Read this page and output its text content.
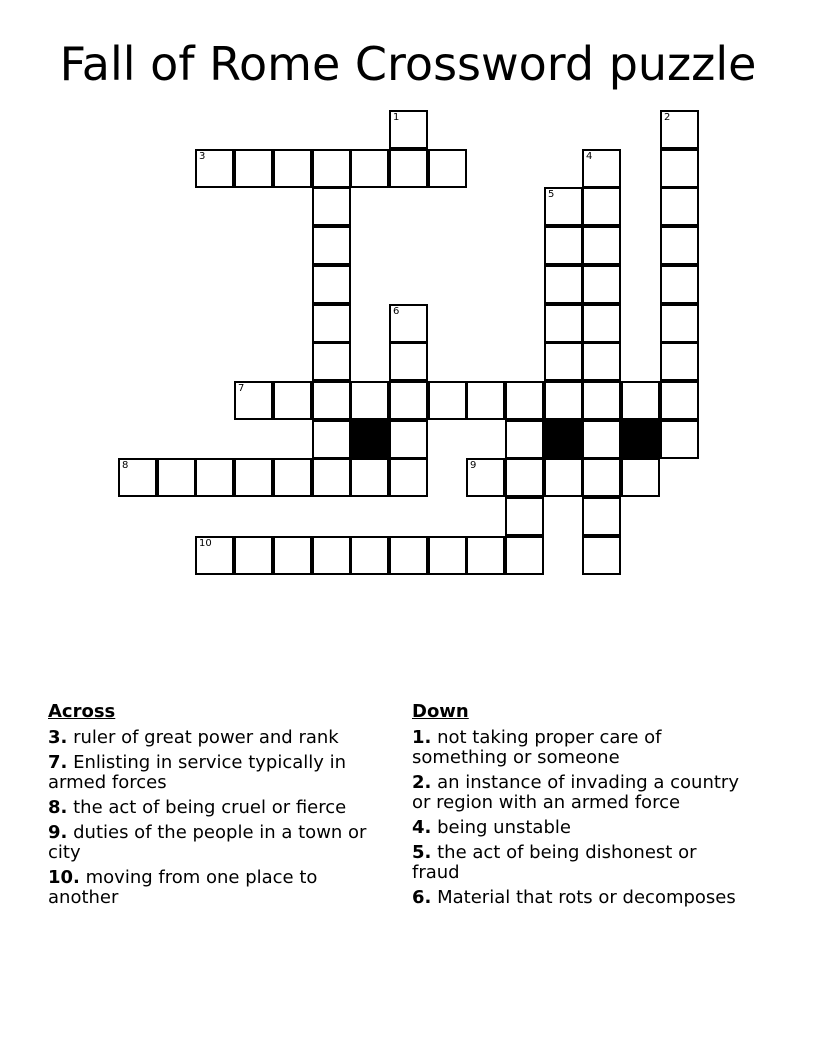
Fall of Rome Crossword puzzle
1	2
3	4
5
6
7
8	9
10
Across
3. ruler of great power and rank
7. Enlisting in service typically in armed forces
8. the act of being cruel or fierce
9. duties of the people in a town or city
10. moving from one place to another
Down
1. not taking proper care of something or someone
2. an instance of invading a country or region with an armed force
4. being unstable
5. the act of being dishonest or fraud
6. Material that rots or decomposes
